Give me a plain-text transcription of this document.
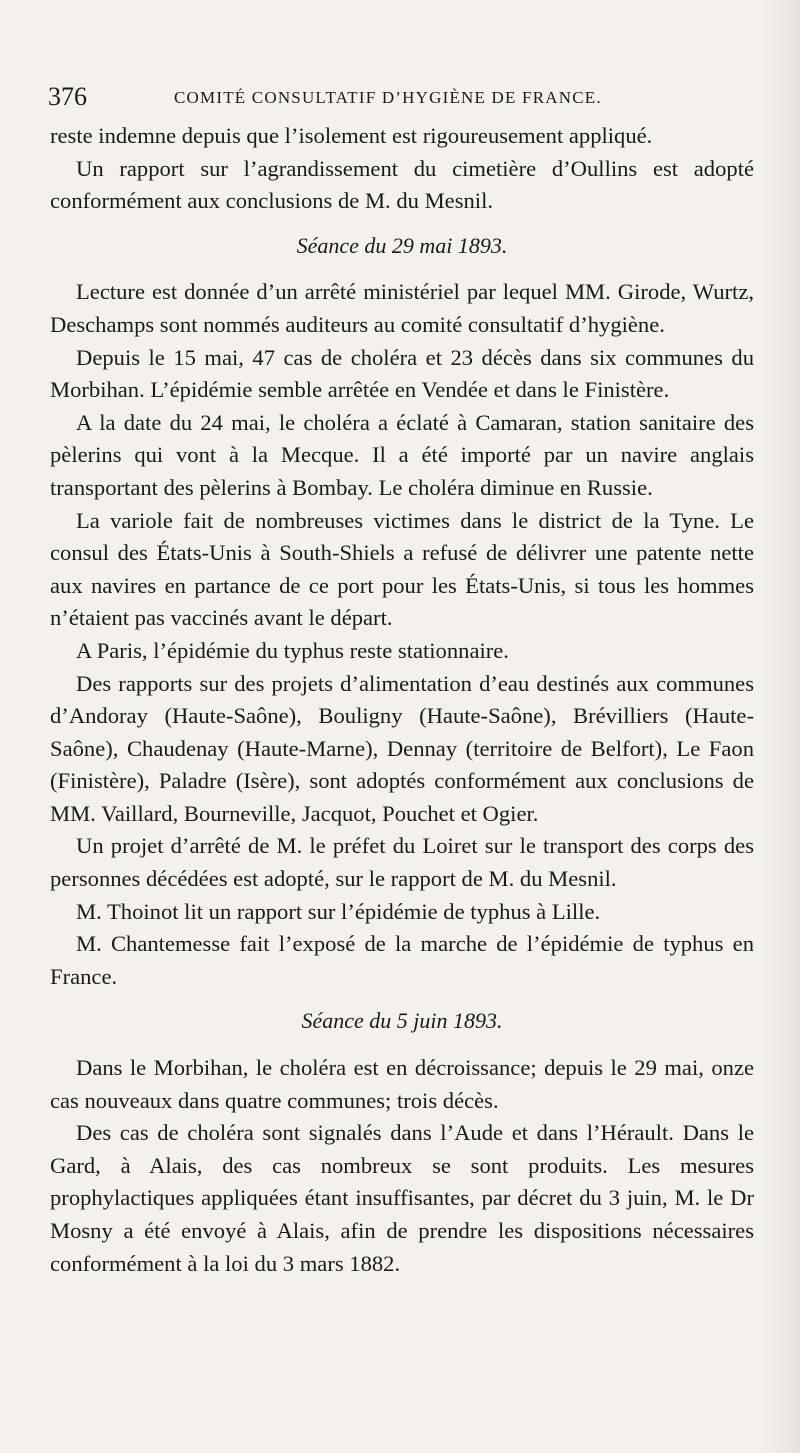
376	COMITÉ CONSULTATIF D’HYGIÈNE DE FRANCE.

reste indemne depuis que l’isolement est rigoureusement appliqué.

Un rapport sur l’agrandissement du cimetière d’Oullins est adopté conformément aux conclusions de M. du Mesnil.

Séance du 29 mai 1893.

Lecture est donnée d’un arrêté ministériel par lequel MM. Girode, Wurtz, Deschamps sont nommés auditeurs au comité consultatif d’hygiène.

Depuis le 15 mai, 47 cas de choléra et 23 décès dans six communes du Morbihan. L’épidémie semble arrêtée en Vendée et dans le Finistère.

A la date du 24 mai, le choléra a éclaté à Camaran, station sanitaire des pèlerins qui vont à la Mecque. Il a été importé par un navire anglais transportant des pèlerins à Bombay. Le choléra diminue en Russie.

La variole fait de nombreuses victimes dans le district de la Tyne. Le consul des États-Unis à South-Shiels a refusé de délivrer une patente nette aux navires en partance de ce port pour les États-Unis, si tous les hommes n’étaient pas vaccinés avant le départ.

A Paris, l’épidémie du typhus reste stationnaire.

Des rapports sur des projets d’alimentation d’eau destinés aux communes d’Andoray (Haute-Saône), Bouligny (Haute-Saône), Brévilliers (Haute-Saône), Chaudenay (Haute-Marne), Dennay (territoire de Belfort), Le Faon (Finistère), Paladre (Isère), sont adoptés conformément aux conclusions de MM. Vaillard, Bourneville, Jacquot, Pouchet et Ogier.

Un projet d’arrêté de M. le préfet du Loiret sur le transport des corps des personnes décédées est adopté, sur le rapport de M. du Mesnil.

M. Thoinot lit un rapport sur l’épidémie de typhus à Lille.

M. Chantemesse fait l’exposé de la marche de l’épidémie de typhus en France.

Séance du 5 juin 1893.

Dans le Morbihan, le choléra est en décroissance; depuis le 29 mai, onze cas nouveaux dans quatre communes; trois décès.

Des cas de choléra sont signalés dans l’Aude et dans l’Hérault. Dans le Gard, à Alais, des cas nombreux se sont produits. Les mesures prophylactiques appliquées étant insuffisantes, par décret du 3 juin, M. le Dr Mosny a été envoyé à Alais, afin de prendre les dispositions nécessaires conformément à la loi du 3 mars 1882.
